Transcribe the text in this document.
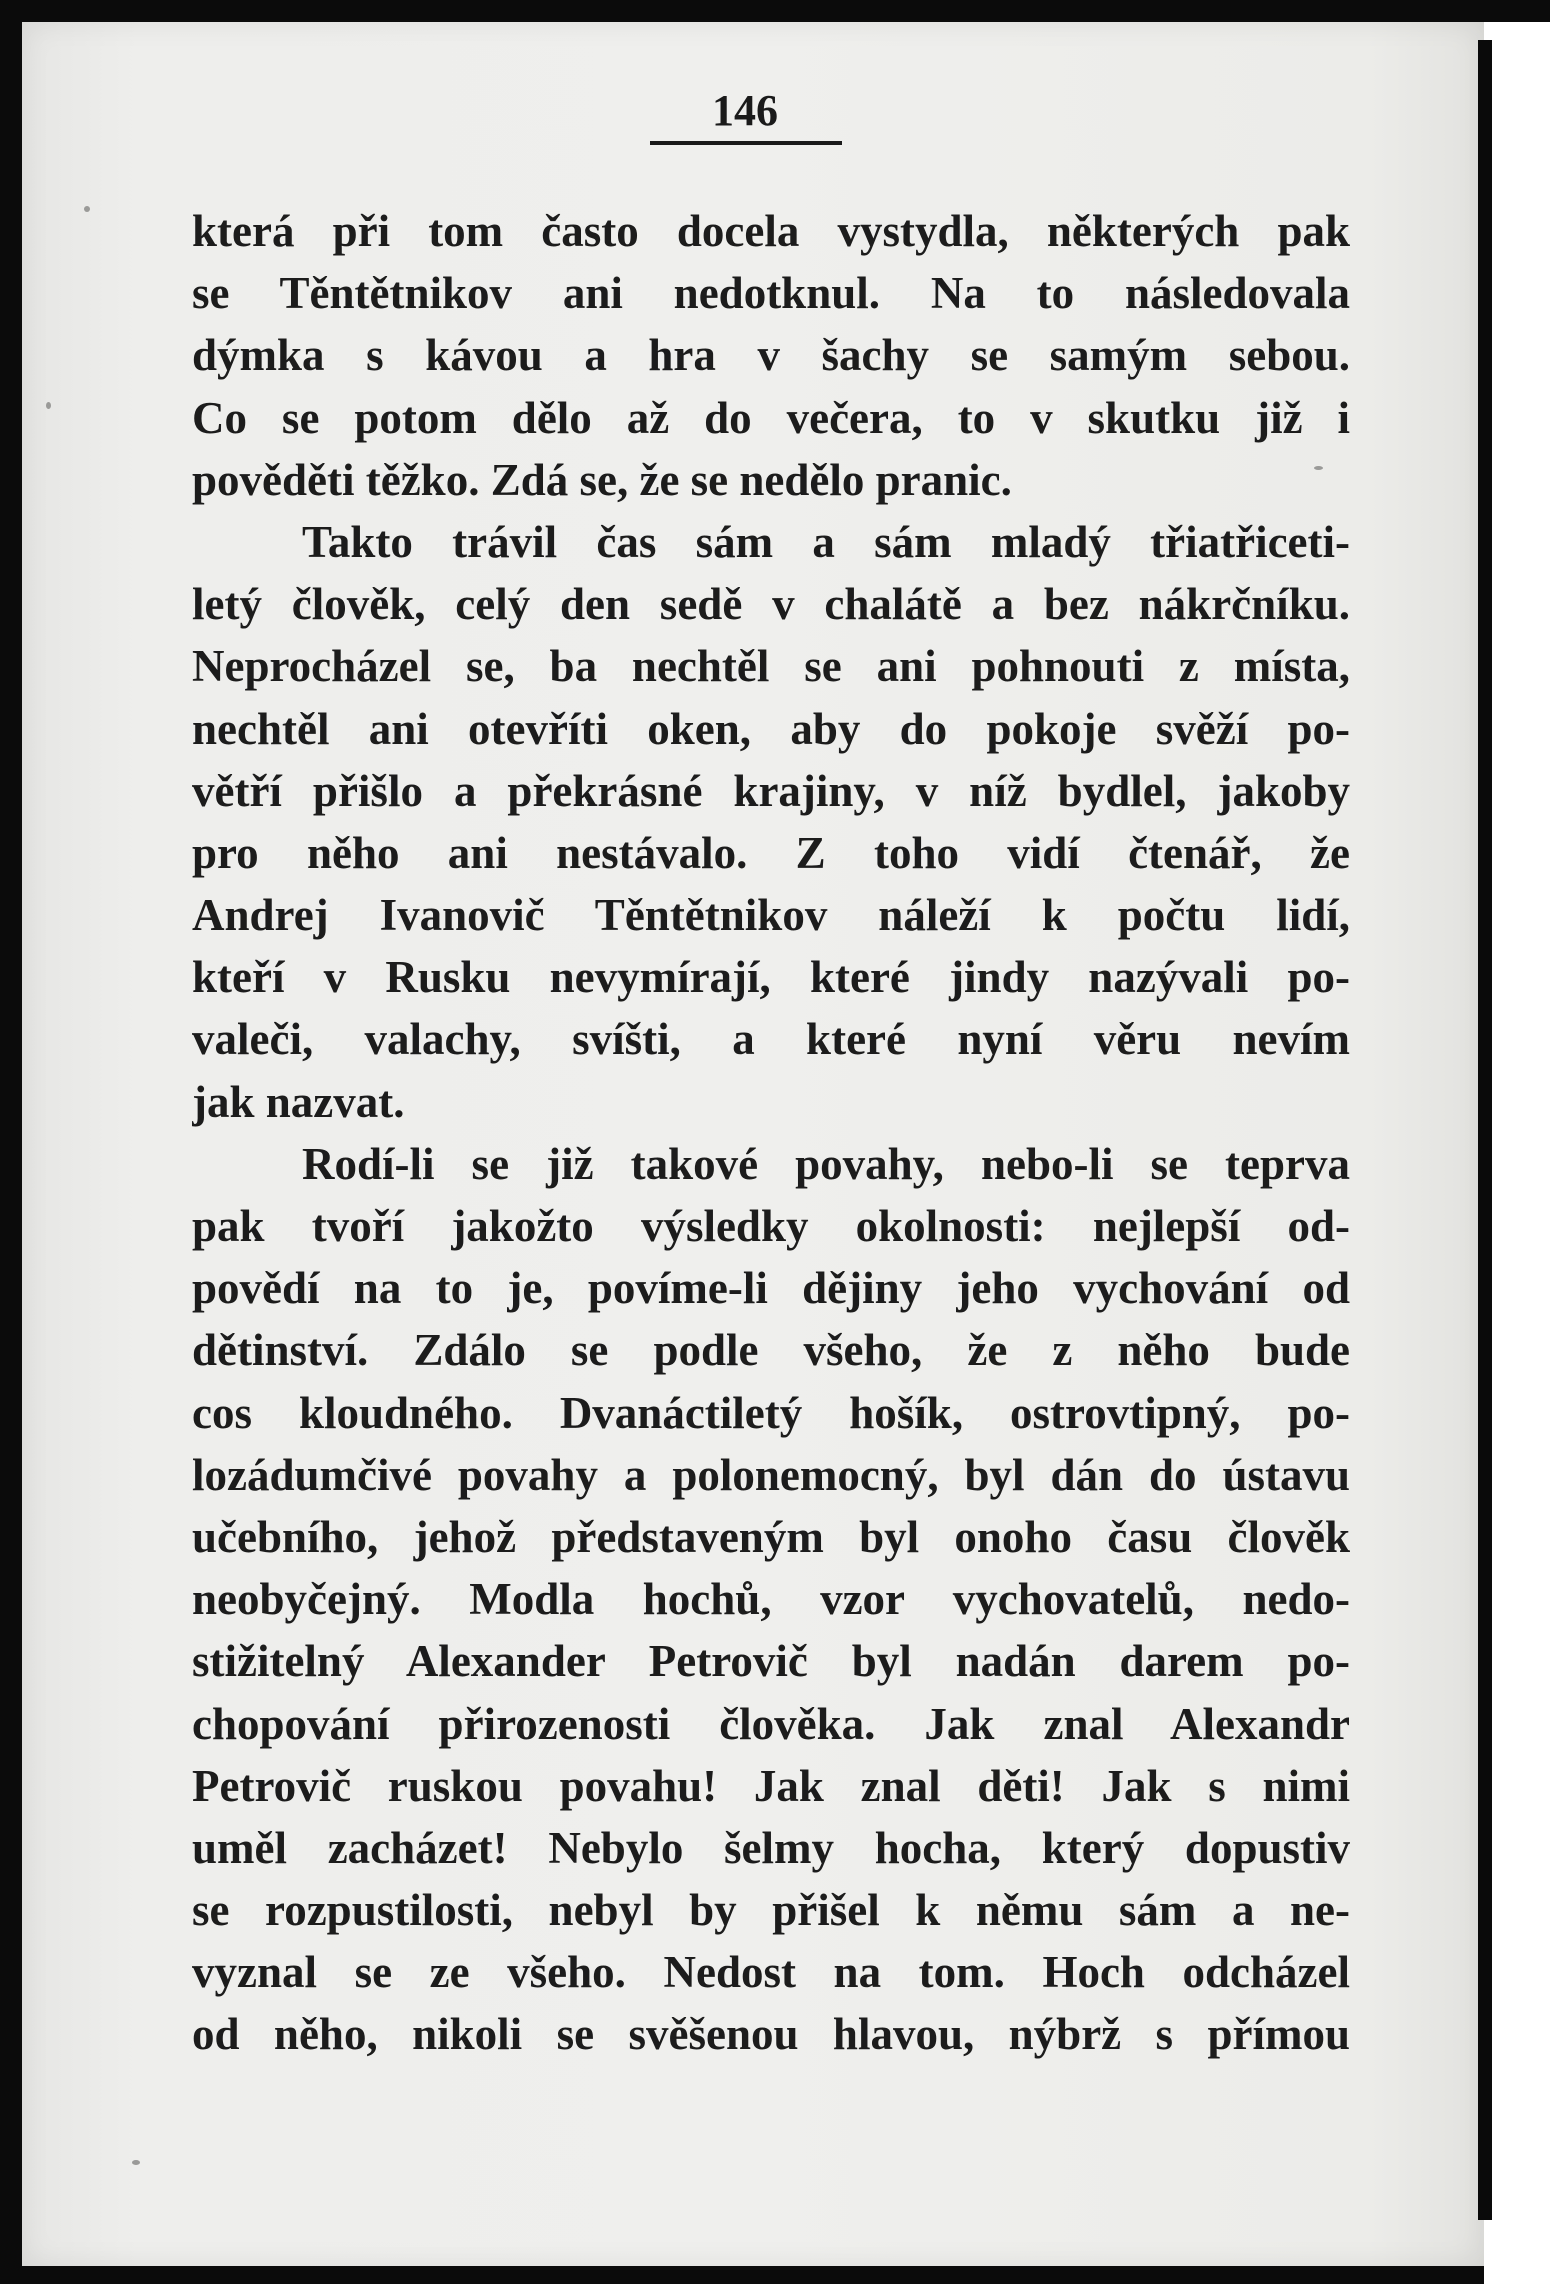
146
která při tom často docela vystydla, některých pak
se Těntětnikov ani nedotknul. Na to následovala
dýmka s kávou a hra v šachy se samým sebou.
Co se potom dělo až do večera, to v skutku již i
pověděti těžko. Zdá se, že se nedělo pranic.
Takto trávil čas sám a sám mladý třiatřiceti-
letý člověk, celý den sedě v chalátě a bez nákrčníku.
Neprocházel se, ba nechtěl se ani pohnouti z místa,
nechtěl ani otevříti oken, aby do pokoje svěží po-
větří přišlo a překrásné krajiny, v níž bydlel, jakoby
pro něho ani nestávalo. Z toho vidí čtenář, že
Andrej Ivanovič Těntětnikov náleží k počtu lidí,
kteří v Rusku nevymírají, které jindy nazývali po-
valeči, valachy, svíšti, a které nyní věru nevím
jak nazvat.
Rodí-li se již takové povahy, nebo-li se teprva
pak tvoří jakožto výsledky okolnosti: nejlepší od-
povědí na to je, povíme-li dějiny jeho vychování od
dětinství. Zdálo se podle všeho, že z něho bude
cos kloudného. Dvanáctiletý hošík, ostrovtipný, po-
lozádumčivé povahy a polonemocný, byl dán do ústavu
učebního, jehož představeným byl onoho času člověk
neobyčejný. Modla hochů, vzor vychovatelů, nedo-
stižitelný Alexander Petrovič byl nadán darem po-
chopování přirozenosti člověka. Jak znal Alexandr
Petrovič ruskou povahu! Jak znal děti! Jak s nimi
uměl zacházet! Nebylo šelmy hocha, který dopustiv
se rozpustilosti, nebyl by přišel k němu sám a ne-
vyznal se ze všeho. Nedost na tom. Hoch odcházel
od něho, nikoli se svěšenou hlavou, nýbrž s přímou
